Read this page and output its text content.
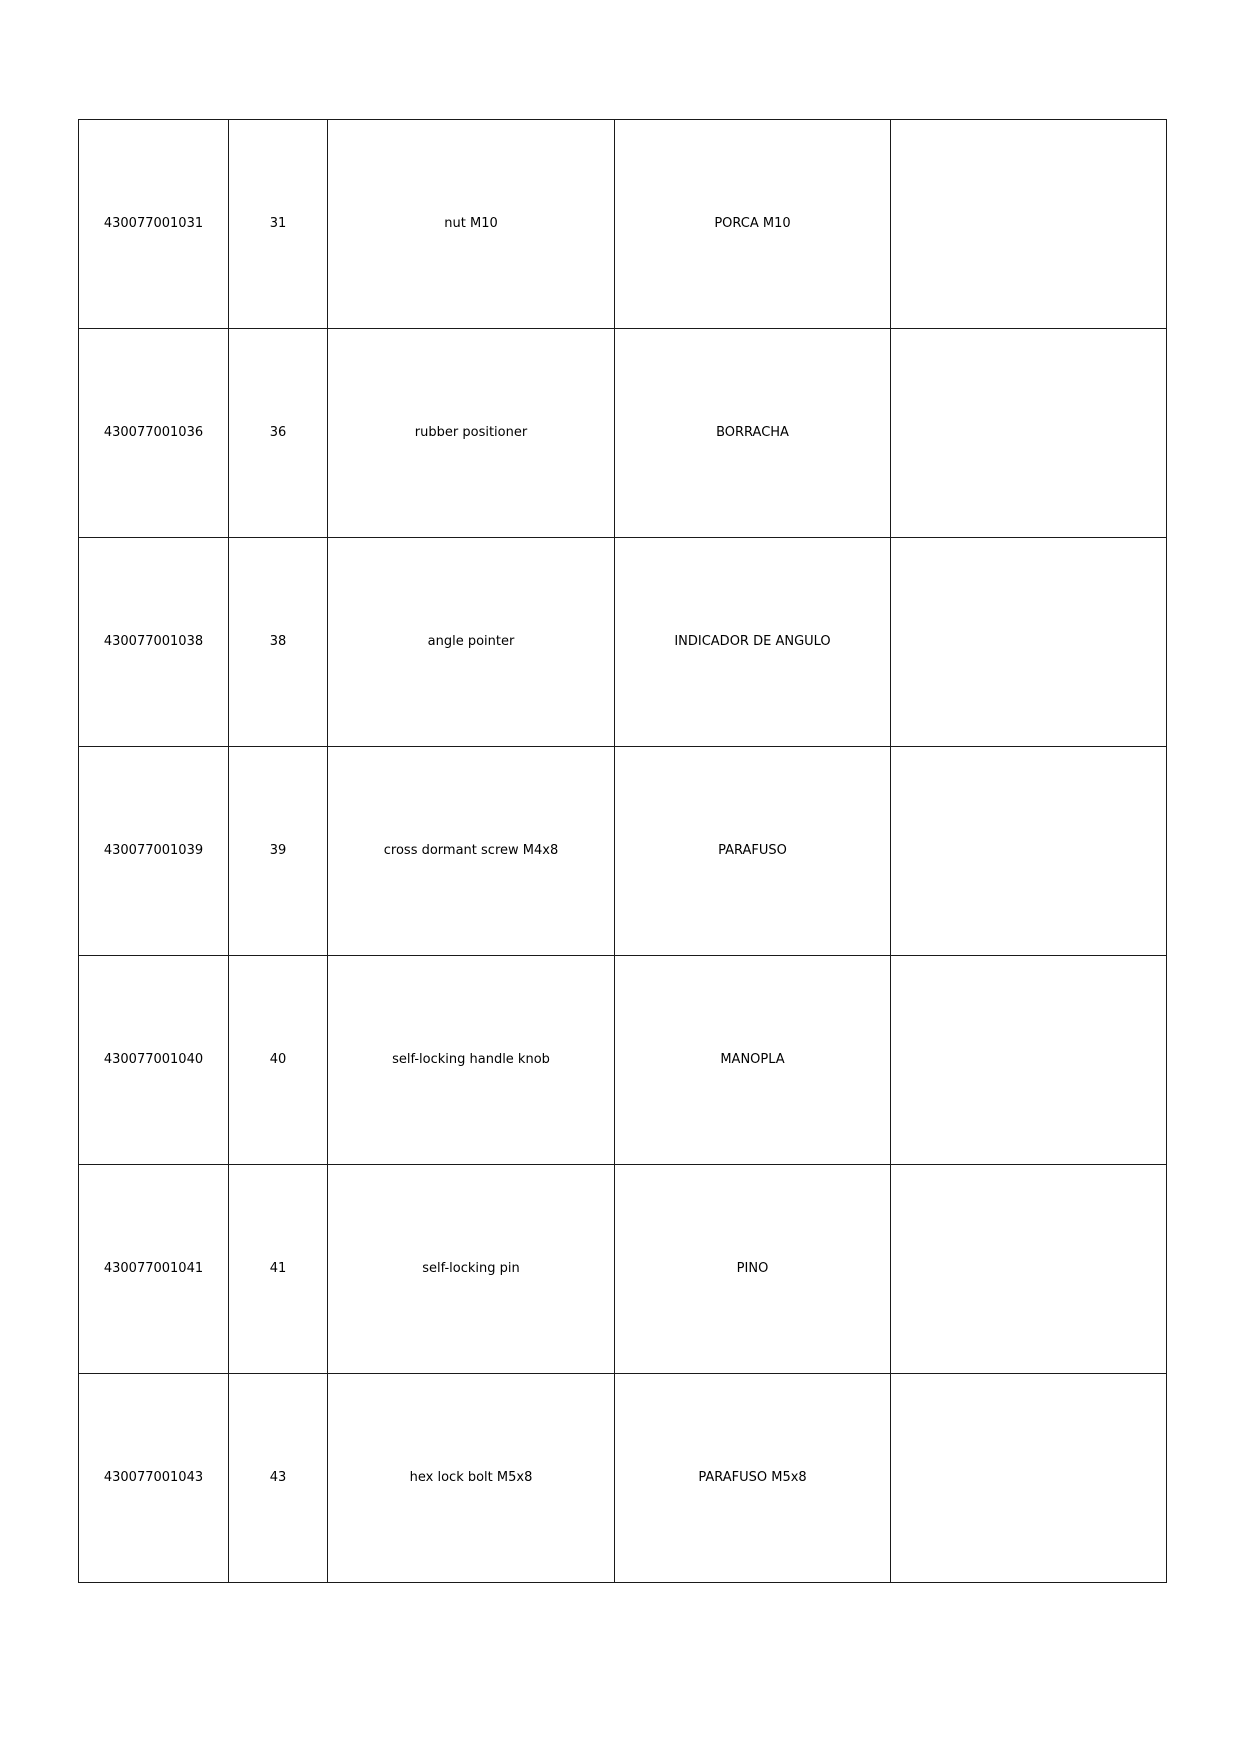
430077001031	31	nut M10	PORCA M10	
430077001036	36	rubber positioner	BORRACHA	
430077001038	38	angle pointer	INDICADOR DE ANGULO	
430077001039	39	cross dormant screw M4x8	PARAFUSO	
430077001040	40	self-locking handle knob	MANOPLA	
430077001041	41	self-locking pin	PINO	
430077001043	43	hex lock bolt M5x8	PARAFUSO M5x8	
